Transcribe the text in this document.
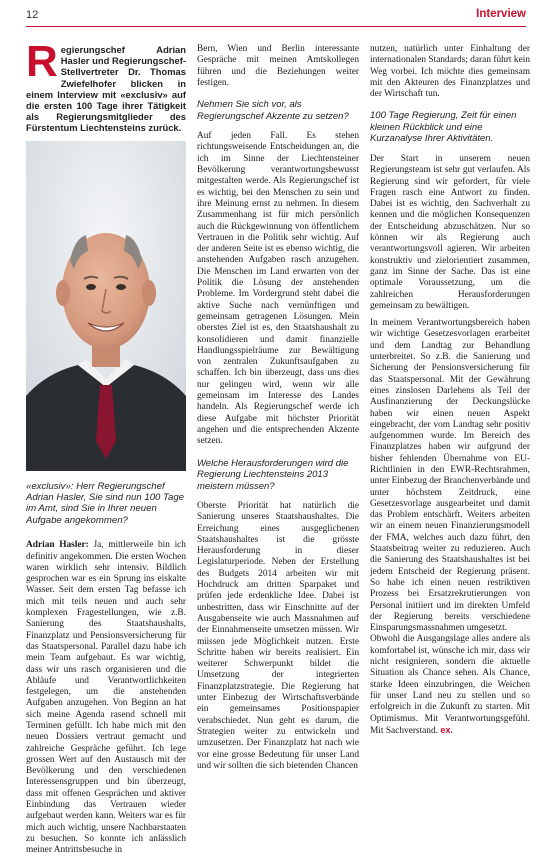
12	Interview

Regierungschef Adrian Hasler und Regierungschef-Stellvertreter Dr. Thomas Zwiefelhofer blicken in einem Interview mit «exclusiv» auf die ersten 100 Tage ihrer Tätigkeit als Regierungsmitglieder des Fürstentum Liechtensteins zurück.

«exclusiv»: Herr Regierungschef Adrian Hasler, Sie sind nun 100 Tage im Amt, sind Sie in Ihrer neuen Aufgabe angekommen?

Adrian Hasler: Ja, mittlerweile bin ich definitiv angekommen. Die ersten Wochen waren wirklich sehr intensiv. Bildlich gesprochen war es ein Sprung ins eiskalte Wasser. Seit dem ersten Tag befasse ich mich mit teils neuen und auch sehr komplexen Fragestellungen, wie z.B. Sanierung des Staatshaushalts, Finanzplatz und Pensionsversicherung für das Staatspersonal. Parallel dazu habe ich mein Team aufgebaut. Es war wichtig, dass wir uns rasch organisieren und die Abläufe und Verantwortlichkeiten festgelegen, um die anstehenden Aufgaben anzugehen. Von Beginn an hat sich meine Agenda rasend schnell mit Terminen gefüllt. Ich habe mich mit den neuen Dossiers vertraut gemacht und zahlreiche Gespräche geführt. Ich lege grossen Wert auf den Austausch mit der Bevölkerung und den verschiedenen Interessensgruppen und bin überzeugt, dass mit offenen Gesprächen und aktiver Einbindung das Vertrauen wieder aufgebaut werden kann. Weiters war es für mich auch wichtig, unsere Nachbarstaaten zu besuchen. So konnte ich anlässlich meiner Antrittsbesuche in

Bern, Wien und Berlin interessante Gespräche mit meinen Amtskollegen führen und die Beziehungen weiter festigen.

Nehmen Sie sich vor, als Regierungschef Akzente zu setzen?

Auf jeden Fall. Es stehen richtungsweisende Entscheidungen an, die ich im Sinne der Liechtensteiner Bevölkerung verantwortungsbewusst mitgestalten werde. Als Regierungschef ist es wichtig, bei den Menschen zu sein und ihre Meinung ernst zu nehmen. In diesem Zusammenhang ist für mich persönlich auch die Rückgewinnung von öffentlichem Vertrauen in die Politik sehr wichtig. Auf der anderen Seite ist es ebenso wichtig, die anstehenden Aufgaben rasch anzugehen. Die Menschen im Land erwarten von der Politik die Lösung der anstehenden Probleme. Im Vordergrund steht dabei die aktive Suche nach vernünftigen und gemeinsam getragenen Lösungen. Mein oberstes Ziel ist es, den Staatshaushalt zu konsolidieren und damit finanzielle Handlungsspielräume zur Bewältigung von zentralen Zukunftsaufgaben zu schaffen. Ich bin überzeugt, dass uns dies nur gelingen wird, wenn wir alle gemeinsam im Interesse des Landes handeln. Als Regierungschef werde ich diese Aufgabe mit höchster Priorität angehen und die entsprechenden Akzente setzen.

Welche Herausforderungen wird die Regierung Liechtensteins 2013 meistern müssen?

Oberste Priorität hat natürlich die Sanierung unseres Staatshaushaltes. Die Erreichung eines ausgeglichenen Staatshaushaltes ist die grösste Herausforderung in dieser Legislaturperiode. Neben der Erstellung des Budgets 2014 arbeiten wir mit Hochdruck am dritten Sparpaket und prüfen jede erdenkliche Idee. Dabei ist unbestritten, dass wir Einschnitte auf der Ausgabenseite wie auch Massnahmen auf der Einnahmenseite umsetzen müssen. Wir müssen jede Möglichkeit nutzen. Erste Schritte haben wir bereits realisiert. Ein weiterer Schwerpunkt bildet die Umsetzung der integrierten Finanzplatzstrategie. Die Regierung hat unter Einbezug der Wirtschaftsverbände ein gemeinsames Positionspapier verabschiedet. Nun geht es darum, die Strategien weiter zu entwickeln und umzusetzen. Der Finanzplatz hat nach wie vor eine grosse Bedeutung für unser Land und wir sollten die sich bietenden Chancen

nutzen, natürlich unter Einhaltung der internationalen Standards; daran führt kein Weg vorbei. Ich möchte dies gemeinsam mit den Akteuren des Finanzplatzes und der Wirtschaft tun.

100 Tage Regierung, Zeit für einen kleinen Rückblick und eine Kurzanalyse Ihrer Aktivitäten.

Der Start in unserem neuen Regierungsteam ist sehr gut verlaufen. Als Regierung sind wir gefordert, für viele Fragen rasch eine Antwort zu finden. Dabei ist es wichtig, den Sachverhalt zu kennen und die möglichen Konsequenzen der Entscheidung abzuschätzen. Nur so können wir als Regierung auch verantwortungsvoll agieren. Wir arbeiten konstruktiv und zielorientiert zusammen, ganz im Sinne der Sache. Das ist eine optimale Voraussetzung, um die zahlreichen Herausforderungen gemeinsam zu bewältigen.

In meinem Verantwortungsbereich haben wir wichtige Gesetzesvorlagen erarbeitet und dem Landtag zur Behandlung unterbreitet. So z.B. die Sanierung und Sicherung der Pensionsversicherung für das Staatspersonal. Mit der Gewährung eines zinslosen Darlehens als Teil der Ausfinanzierung der Deckungslücke haben wir einen neuen Aspekt eingebracht, der vom Landtag sehr positiv aufgenommen wurde. Im Bereich des Finanzplatzes haben wir aufgrund der bisher fehlenden Übernahme von EU-Richtlinien in den EWR-Rechtsrahmen, unter Einbezug der Branchenverbände und unter höchstem Zeitdruck, eine Gesetzesvorlage ausgearbeitet und damit das Problem entschärft. Weiters arbeiten wir an einem neuen Finanzierungsmodell der FMA, welches auch dazu führt, den Staatsbeitrag weiter zu reduzieren. Auch die Sanierung des Staatshaushaltes ist bei jedem Entscheid der Regierung präsent. So habe ich einen neuen restriktiven Prozess bei Ersatzrekrutierungen von Personal initiiert und im direkten Umfeld der Regierung bereits verschiedene Einsparungsmassnahmen umgesetzt.

Obwohl die Ausgangslage alles andere als komfortabel ist, wünsche ich mir, dass wir nicht resignieren, sondern die aktuelle Situation als Chance sehen. Als Chance, starke Ideen einzubringen, die Weichen für unser Land neu zu stellen und so erfolgreich in die Zukunft zu starten. Mit Optimismus. Mit Verantwortungsgefühl. Mit Sachverstand. ex.
